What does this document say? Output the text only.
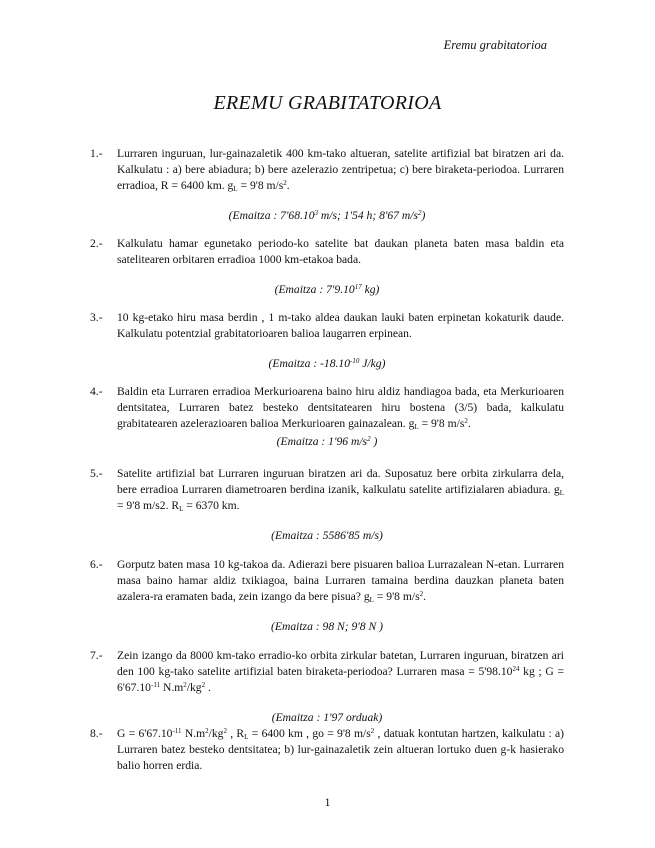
Eremu grabitatorioa
EREMU GRABITATORIOA
1.- Lurraren inguruan, lur-gainazaletik 400 km-tako altueran, satelite artifizial bat biratzen ari da. Kalkulatu : a) bere abiadura; b) bere azelerazio zentripetua; c) bere biraketa-periodoa. Lurraren erradioa, R = 6400 km. $g_L = 9'8$ $m/s^2$.
(Emaitza : 7'68.10$^3$ m/s; 1'54 h; 8'67 $m/s^2$)
2.- Kalkulatu hamar egunetako periodo-ko satelite bat daukan planeta baten masa baldin eta satelitearen orbitaren erradioa 1000 km-etakoa bada.
(Emaitza : 7'9.10$^{17}$ kg)
3.- 10 kg-etako hiru masa berdin , 1 m-tako aldea daukan lauki baten erpinetan kokaturik daude. Kalkulatu potentzial grabitatorioaren balioa laugarren erpinean.
(Emaitza : $-18.10^{-10}$ J/kg)
4.- Baldin eta Lurraren erradioa Merkurioarena baino hiru aldiz handiagoa bada, eta Merkurioaren dentsitatea, Lurraren batez besteko dentsitatearen hiru bostena (3/5) bada, kalkulatu grabitatearen azelerazioaren balioa Merkurioaren gainazalean. $g_L = 9'8$ $m/s^2$.
(Emaitza : 1'96 $m/s^2$ )
5.- Satelite artifizial bat Lurraren inguruan biratzen ari da. Suposatuz bere orbita zirkularra dela, bere erradioa Lurraren diametroaren berdina izanik, kalkulatu satelite artifizialaren abiadura. $g_L = 9'8$ m/s2. $R_L = 6370$ km.
(Emaitza : 5586'85 m/s)
6.- Gorputz baten masa 10 kg-takoa da. Adierazi bere pisuaren balioa Lurrazalean N-etan. Lurraren masa baino hamar aldiz txikiagoa, baina Lurraren tamaina berdina dauzkan planeta baten azalera-ra eramaten bada, zein izango da bere pisua? $g_L = 9'8$ $m/s^2$.
(Emaitza : 98 N; 9'8 N )
7.- Zein izango da 8000 km-tako erradio-ko orbita zirkular batetan, Lurraren inguruan, biratzen ari den 100 kg-tako satelite artifizial baten biraketa-periodoa? Lurraren masa = $5'98.10^{24}$ kg ; $G = 6'67.10^{-11}$ $N.m^2/kg^2$ .
(Emaitza : 1'97 orduak)
8.- $G = 6'67.10^{-11}$ $N.m^2/kg^2$ , $R_L = 6400$ km , go = 9'8 $m/s^2$ , datuak kontutan hartzen, kalkulatu : a) Lurraren batez besteko dentsitatea; b) lur-gainazaletik zein altueran lortuko duen g-k hasierako balio horren erdia.
1
